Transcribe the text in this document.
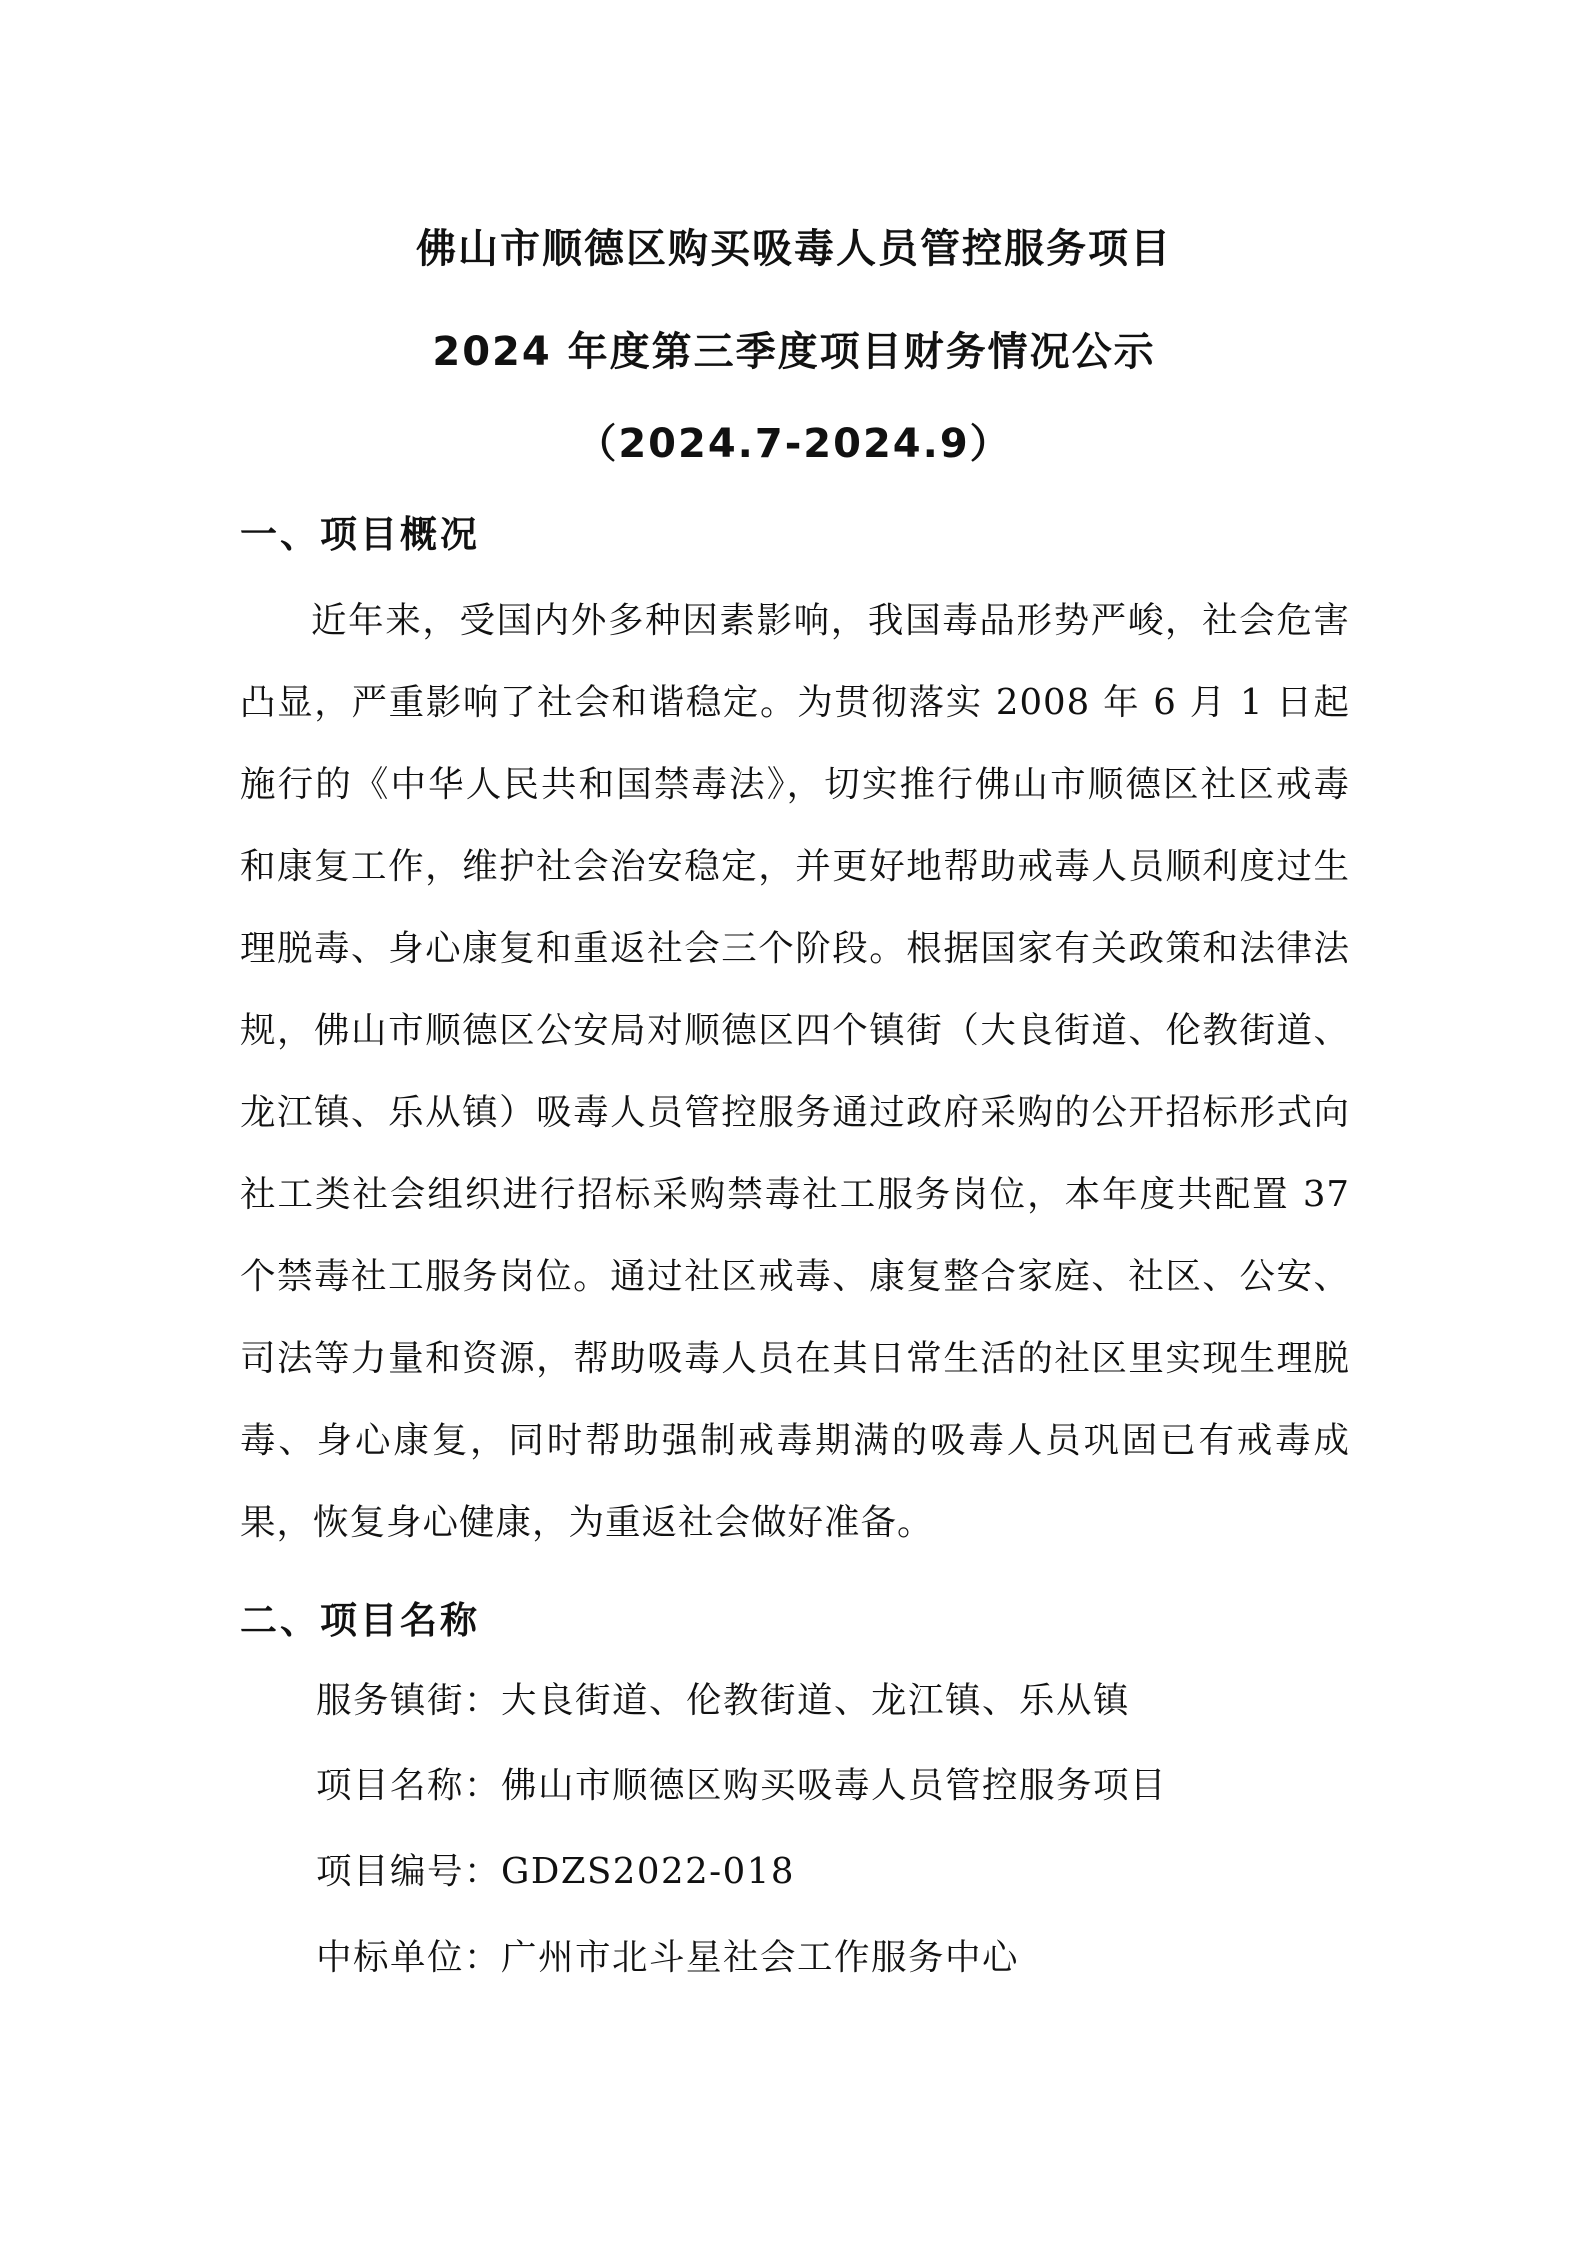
佛山市顺德区购买吸毒人员管控服务项目
2024 年度第三季度项目财务情况公示
（2024.7-2024.9）
一、项目概况

近年来，受国内外多种因素影响，我国毒品形势严峻，社会危害凸显，严重影响了社会和谐稳定。为贯彻落实 2008 年 6 月 1 日起施行的《中华人民共和国禁毒法》，切实推行佛山市顺德区社区戒毒和康复工作，维护社会治安稳定，并更好地帮助戒毒人员顺利度过生理脱毒、身心康复和重返社会三个阶段。根据国家有关政策和法律法规，佛山市顺德区公安局对顺德区四个镇街（大良街道、伦教街道、龙江镇、乐从镇）吸毒人员管控服务通过政府采购的公开招标形式向社工类社会组织进行招标采购禁毒社工服务岗位，本年度共配置 37 个禁毒社工服务岗位。通过社区戒毒、康复整合家庭、社区、公安、司法等力量和资源，帮助吸毒人员在其日常生活的社区里实现生理脱毒、身心康复，同时帮助强制戒毒期满的吸毒人员巩固已有戒毒成果，恢复身心健康，为重返社会做好准备。

二、项目名称
服务镇街：大良街道、伦教街道、龙江镇、乐从镇
项目名称：佛山市顺德区购买吸毒人员管控服务项目
项目编号：GDZS2022-018
中标单位：广州市北斗星社会工作服务中心
